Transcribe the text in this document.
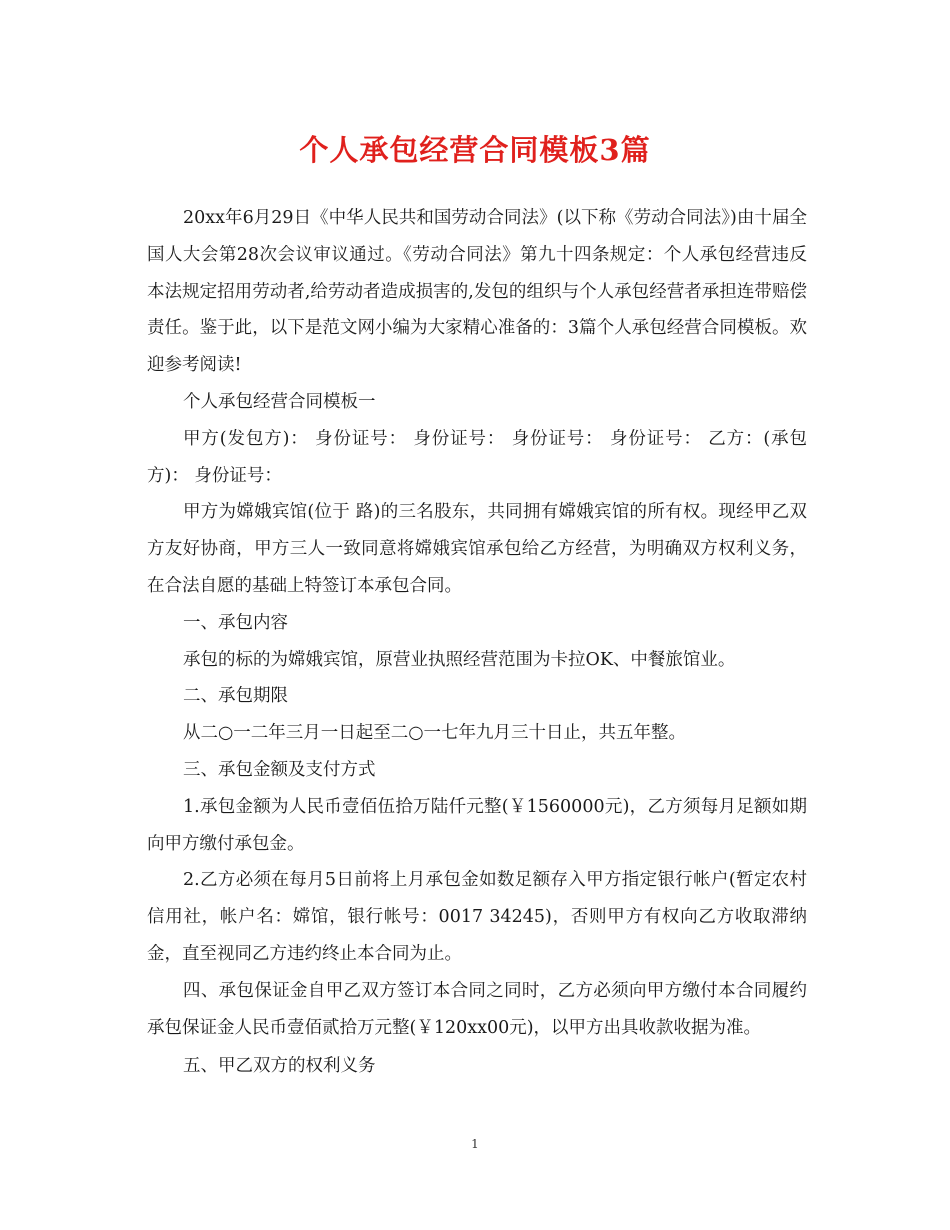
个人承包经营合同模板3篇

20xx年6月29日《中华人民共和国劳动合同法》(以下称《劳动合同法》)由十届全国人大会第28次会议审议通过。《劳动合同法》第九十四条规定：个人承包经营违反本法规定招用劳动者,给劳动者造成损害的,发包的组织与个人承包经营者承担连带赔偿责任。鉴于此，以下是范文网小编为大家精心准备的：3篇个人承包经营合同模板。欢迎参考阅读!

个人承包经营合同模板一

甲方(发包方)： 身份证号： 身份证号： 身份证号： 身份证号： 乙方：(承包方)： 身份证号：

甲方为嫦娥宾馆(位于 路)的三名股东，共同拥有嫦娥宾馆的所有权。现经甲乙双方友好协商，甲方三人一致同意将嫦娥宾馆承包给乙方经营，为明确双方权利义务，在合法自愿的基础上特签订本承包合同。

一、承包内容

承包的标的为嫦娥宾馆，原营业执照经营范围为卡拉OK、中餐旅馆业。

二、承包期限

从二○一二年三月一日起至二○一七年九月三十日止，共五年整。

三、承包金额及支付方式

1.承包金额为人民币壹佰伍拾万陆仟元整(￥1560000元)，乙方须每月足额如期向甲方缴付承包金。

2.乙方必须在每月5日前将上月承包金如数足额存入甲方指定银行帐户(暂定农村信用社，帐户名：嫦馆，银行帐号：0017 34245)，否则甲方有权向乙方收取滞纳金，直至视同乙方违约终止本合同为止。

四、承包保证金自甲乙双方签订本合同之同时，乙方必须向甲方缴付本合同履约承包保证金人民币壹佰贰拾万元整(￥120xx00元)，以甲方出具收款收据为准。

五、甲乙双方的权利义务

1
